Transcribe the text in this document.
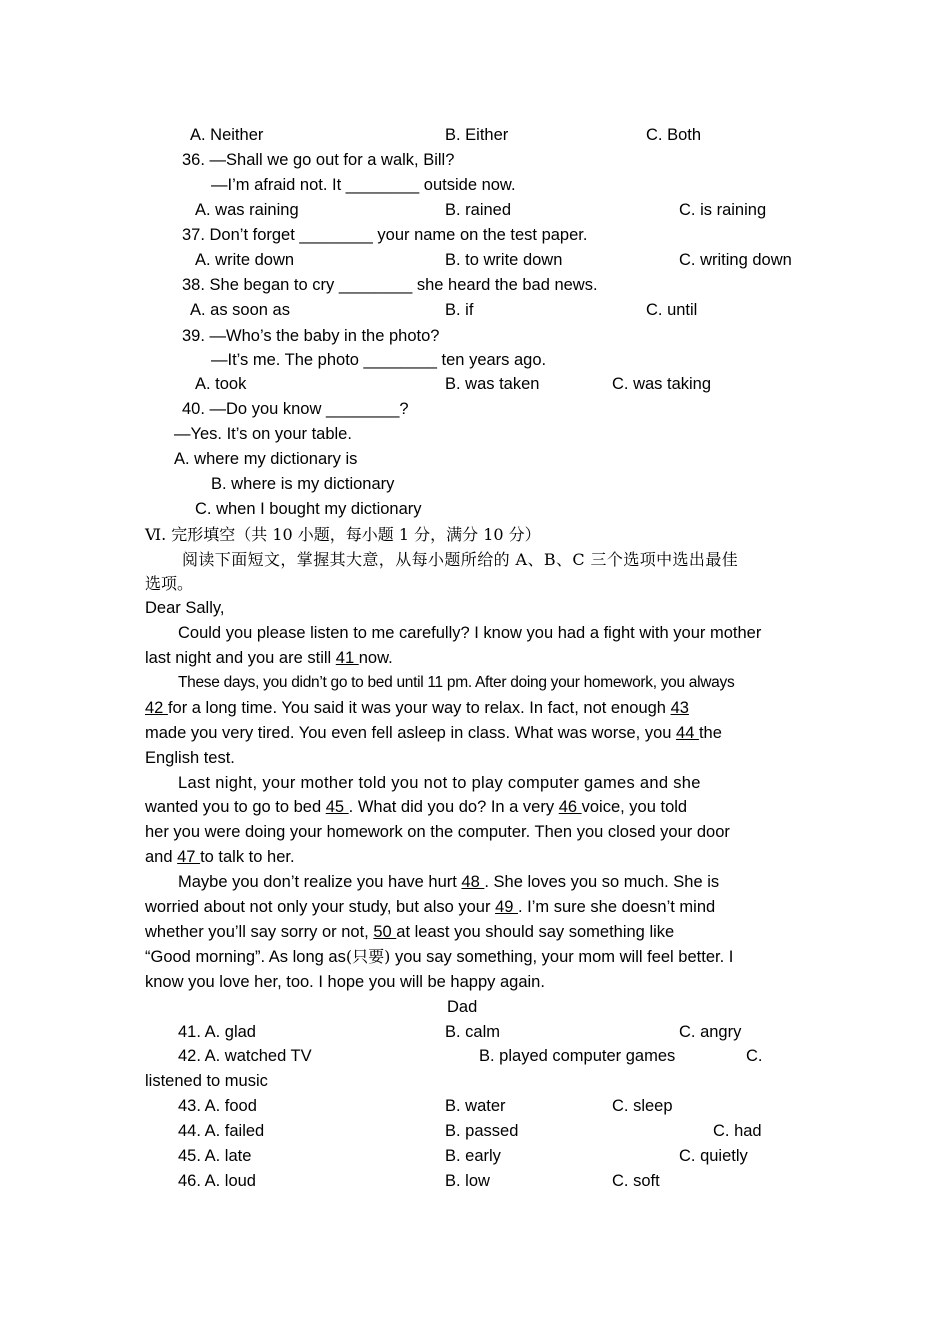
A. Neither	B. Either	C. Both
36. —Shall we go out for a walk, Bill?
—I’m afraid not. It ________ outside now.
A. was raining	B. rained	C. is raining
37. Don’t forget ________ your name on the test paper.
A. write down	B. to write down	C. writing down
38. She began to cry ________ she heard the bad news.
A. as soon as	B. if	C. until
39. —Who’s the baby in the photo?
—It’s me. The photo ________ ten years ago.
A. took	B. was taken	C. was taking
40. —Do you know ________?
—Yes. It’s on your table.
A. where my dictionary is
B. where is my dictionary
C. when I bought my dictionary
Ⅵ. 完形填空（共 10 小题，每小题 1 分，满分 10 分）
阅读下面短文，掌握其大意，从每小题所给的 A、B、C 三个选项中选出最佳
选项。
Dear Sally,
Could you please listen to me carefully? I know you had a fight with your mother
last night and you are still 41 now.
These days, you didn’t go to bed until 11 pm. After doing your homework, you always
42 for a long time. You said it was your way to relax. In fact, not enough 43
made you very tired. You even fell asleep in class. What was worse, you 44 the
English test.
Last night, your mother told you not to play computer games and she
wanted you to go to bed 45 . What did you do? In a very 46 voice, you told
her you were doing your homework on the computer. Then you closed your door
and 47 to talk to her.
Maybe you don’t realize you have hurt 48 . She loves you so much. She is
worried about not only your study, but also your 49 . I’m sure she doesn’t mind
whether you’ll say sorry or not, 50 at least you should say something like
“Good morning”. As long as(只要) you say something, your mom will feel better. I
know you love her, too. I hope you will be happy again.
Dad
41. A. glad	B. calm	C. angry
42. A. watched TV	B. played computer games	C.
listened to music
43. A. food	B. water	C. sleep
44. A. failed	B. passed	C. had
45. A. late	B. early	C. quietly
46. A. loud	B. low	C. soft
